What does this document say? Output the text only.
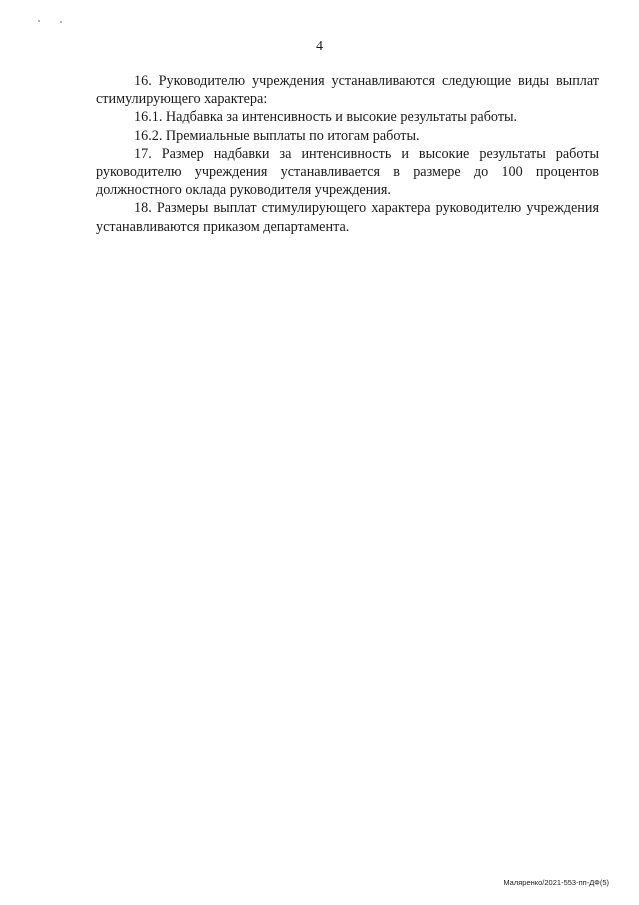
4

16. Руководителю учреждения устанавливаются следующие виды выплат стимулирующего характера:

16.1. Надбавка за интенсивность и высокие результаты работы.

16.2. Премиальные выплаты по итогам работы.

17. Размер надбавки за интенсивность и высокие результаты работы руководителю учреждения устанавливается в размере до 100 процентов должностного оклада руководителя учреждения.

18. Размеры выплат стимулирующего характера руководителю учреждения устанавливаются приказом департамента.

Маляренко/2021-553-пп-ДФ(5)
